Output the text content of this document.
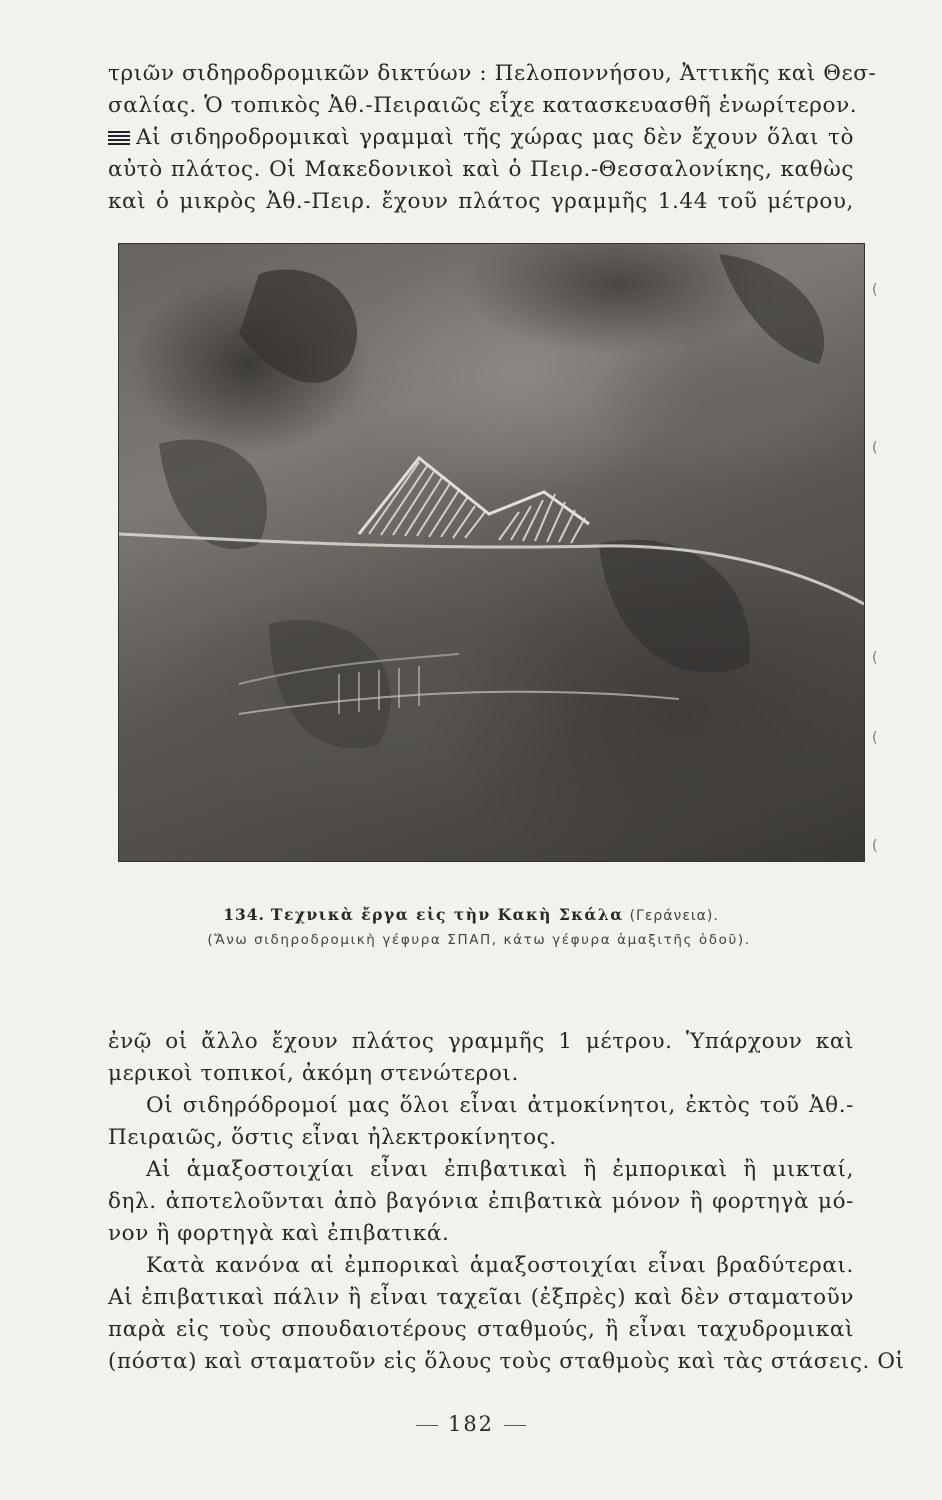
τριῶν σιδηροδρομικῶν δικτύων : Πελοποννήσου, Ἀττικῆς καὶ Θεσ-
σαλίας. Ὁ τοπικὸς Ἀθ.-Πειραιῶς εἶχε κατασκευασθῆ ἐνωρίτερον.
Αἱ σιδηροδρομικαὶ γραμμαὶ τῆς χώρας μας δὲν ἔχουν ὅλαι τὸ
αὐτὸ πλάτος. Οἱ Μακεδονικοὶ καὶ ὁ Πειρ.-Θεσσαλονίκης, καθὼς
καὶ ὁ μικρὸς Ἀθ.-Πειρ. ἔχουν πλάτος γραμμῆς 1.44 τοῦ μέτρου,
134. Τεχνικὰ ἔργα εἰς τὴν Κακὴ Σκάλα (Γεράνεια).
(Ἄνω σιδηροδρομικὴ γέφυρα ΣΠΑΠ, κάτω γέφυρα ἁμαξιτῆς ὁδοῦ).
ἐνῷ οἱ ἄλλο ἔχουν πλάτος γραμμῆς 1 μέτρου. Ὑπάρχουν καὶ
μερικοὶ τοπικοί, ἀκόμη στενώτεροι.
Οἱ σιδηρόδρομοί μας ὅλοι εἶναι ἀτμοκίνητοι, ἐκτὸς τοῦ Ἀθ.-
Πειραιῶς, ὅστις εἶναι ἠλεκτροκίνητος.
Αἱ ἁμαξοστοιχίαι εἶναι ἐπιβατικαὶ ἢ ἐμπορικαὶ ἢ μικταί,
δηλ. ἀποτελοῦνται ἀπὸ βαγόνια ἐπιβατικὰ μόνον ἢ φορτηγὰ μό-
νον ἢ φορτηγὰ καὶ ἐπιβατικά.
Κατὰ κανόνα αἱ ἐμπορικαὶ ἁμαξοστοιχίαι εἶναι βραδύτεραι.
Αἱ ἐπιβατικαὶ πάλιν ἢ εἶναι ταχεῖαι (ἐξπρὲς) καὶ δὲν σταματοῦν
παρὰ εἰς τοὺς σπουδαιοτέρους σταθμούς, ἢ εἶναι ταχυδρομικαὶ
(πόστα) καὶ σταματοῦν εἰς ὅλους τοὺς σταθμοὺς καὶ τὰς στάσεις. Οἱ
182
(
(
(
(
(
